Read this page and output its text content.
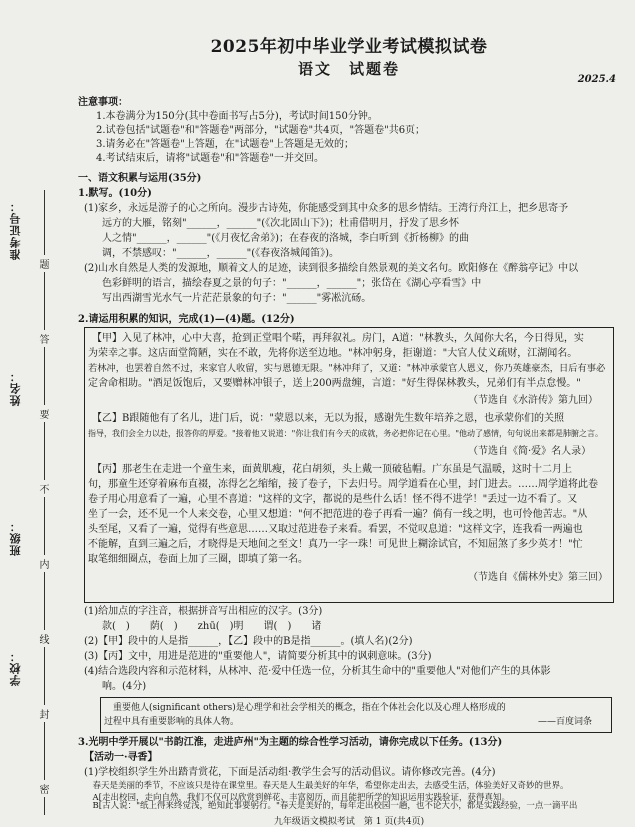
学校：
班级：
姓名：
准考证号：
密
封
线
内
不
要
答
题
2025年初中毕业学业考试模拟试卷
语文　试题卷
2025.4
注意事项：
1.本卷满分为150分(其中卷面书写占5分)，考试时间150分钟。
2.试卷包括"试题卷"和"答题卷"两部分，"试题卷"共4页，"答题卷"共6页；
3.请务必在"答题卷"上答题，在"试题卷"上答题是无效的；
4.考试结束后，请将"试题卷"和"答题卷"一并交回。
一、语文积累与运用(35分)
1.默写。(10分)
(1)家乡，永远是游子的心之所向。漫步古诗苑，你能感受到其中众多的思乡情结。王湾行舟江上，把乡思寄予
远方的大雁，铭刻"______，______"(《次北固山下》)；杜甫借明月，抒发了思乡怀
人之情"______，______"(《月夜忆舍弟》)；在春夜的洛城，李白听到《折杨柳》的曲
调，不禁感叹："______，______"(《春夜洛城闻笛》)。
(2)山水自然是人类的发源地，顺着文人的足迹，读到很多描绘自然景观的美文名句。欧阳修在《醉翁亭记》中以
色彩鲜明的语言，描绘春夏之景的句子："______，______"；张岱在《湖心亭看雪》中
写出西湖雪光水气一片茫茫景象的句子："______"雾凇沆砀。
2.请运用积累的知识，完成(1)—(4)题。(12分)
【甲】入见了林冲，心中大喜，抢到正堂唱个喏，再拜叙礼。房门，A道："林教头，久闻你大名，今日得见，实
为荣幸之事。这店面堂简陋，实在不敢，先将你送至边地。"林冲躬身，拒谢道："大官人仗义疏财，江湖闻名。
若林冲，也罢着自然不过，来家官人收留，实与恩德无限。"林冲拜了，又道："林冲承蒙官人恩义，你乃英雄豪杰，日后有事必
定舍命相助。"酒足饭饱后，又要赠林冲银子，送上200两盘缠，言道："好生得保林教头，兄弟们有半点怠慢。"
（节选自《水浒传》第九回）
【乙】B跟随他有了名儿，进门后，说："蒙恩以来，无以为报，感谢先生数年培养之恩，也承蒙你们的关照
指导，我们会全力以赴，报答你的厚爱。"接着他又说道："你让我们有今天的成就，务必把你记在心里。"他动了感情，句句说出来都是肺腑之言。
（节选自《简·爱》名人录）
【丙】那老生在走进一个童生来，面黄肌瘦，花白胡须，头上戴一顶破毡帽。广东虽是气温暖，这时十二月上
旬，那童生还穿着麻布直裰，冻得乞乞缩缩，接了卷子，下去归号。周学道看在心里，封门进去。……周学道将此卷
卷子用心用意看了一遍，心里不喜道："这样的文字，都说的是些什么话！怪不得不进学！"丢过一边不看了。又
坐了一会，还不见一个人来交卷，心里又想道："何不把范进的卷子再看一遍？倘有一线之明，也可怜他苦志。"从
头至尾，又看了一遍，觉得有些意思……又取过范进卷子来看。看罢，不觉叹息道："这样文字，连我看一两遍也
不能解，直到三遍之后，才晓得是天地间之至文！真乃一字一珠！可见世上糊涂试官，不知屈煞了多少英才！"忙
取笔细细圈点，卷面上加了三圈，即填了第一名。
（节选自《儒林外史》第三回）
(1)给加点的字注音，根据拼音写出相应的汉字。(3分)
款(　)　　荫(　)　　zhū(　)明　　谓(　)　　诸
(2)【甲】段中的人是指______，【乙】段中的B是指______。(填人名)(2分)
(3)【丙】文中，用进是范进的"重要他人"，请简要分析其中的讽刺意味。(3分)
(4)结合选段内容和示范材料，从林冲、范·爱中任选一位，分析其生命中的"重要他人"对他们产生的具体影
响。(4分)
　重要他人(significant others)是心理学和社会学相关的概念，指在个体社会化以及心理人格形成的
过程中具有重要影响的具体人物。	——百度词条
3.光明中学开展以"书韵江淮，走进庐州"为主题的综合性学习活动，请你完成以下任务。(13分)
【活动一·寻香】
(1)学校组织学生外出踏青赏花，下面是活动组·教学生会写的活动倡议。请你修改完善。(4分)
　春天是美丽的季节，不应该只是待在课堂里。春天是人生最美好的年华，希望你走出去，去感受生活，体验美好又奇妙的世界。
　A[走出校园，走向自然，我们不仅可以欣赏到鲜花、丰富阅历，而且能把所学的知识运用实践验证，获得真知。
　B[古人说："纸上得来终觉浅，绝知此事要躬行。"春天是美好的，每年走出校园一趟，也不论大小，都是实践经验，一点一滴平出
九年级语文模拟考试　第 1 页(共4页)
